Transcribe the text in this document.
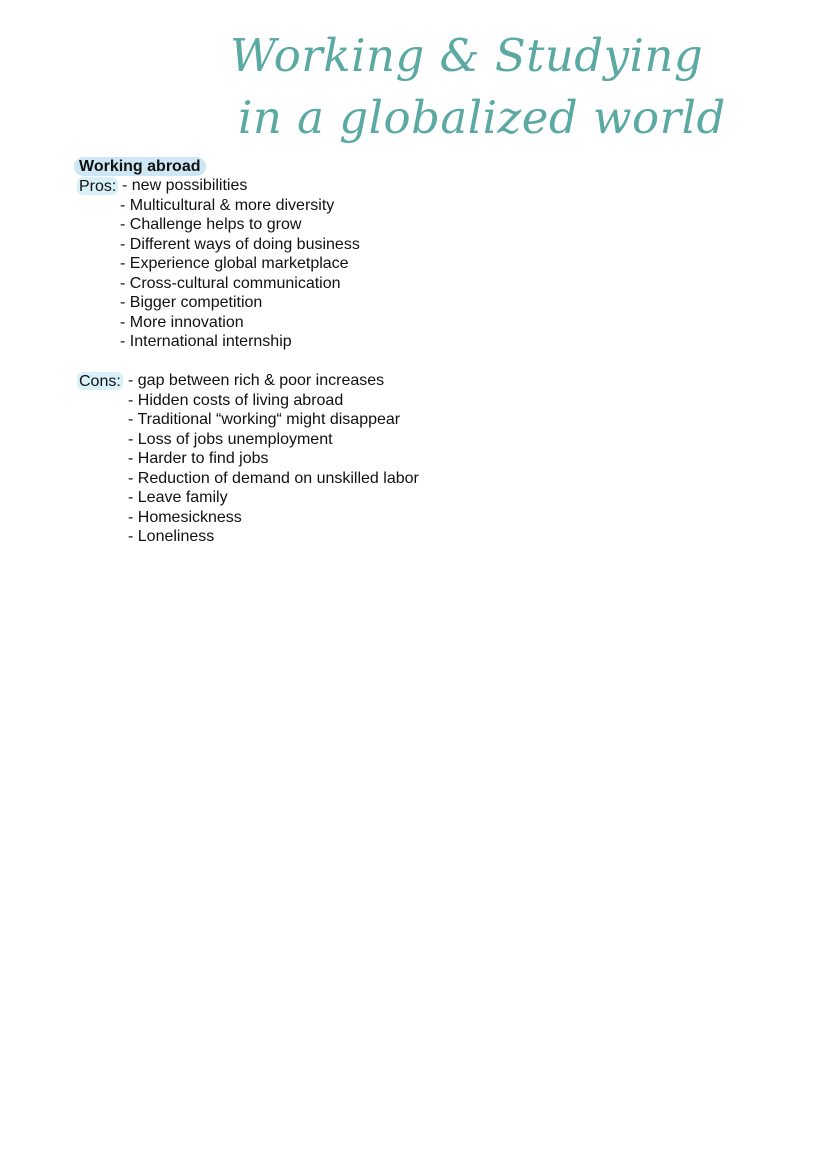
Working & Studying
in a globalized world
Working abroad
Pros: - new possibilities
- Multicultural & more diversity
- Challenge helps to grow
- Different ways of doing business
- Experience global marketplace
- Cross-cultural communication
- Bigger competition
- More innovation
- International internship
Cons: - gap between rich & poor increases
- Hidden costs of living abroad
- Traditional “working“ might disappear
- Loss of jobs unemployment
- Harder to find jobs
- Reduction of demand on unskilled labor
- Leave family
- Homesickness
- Loneliness
